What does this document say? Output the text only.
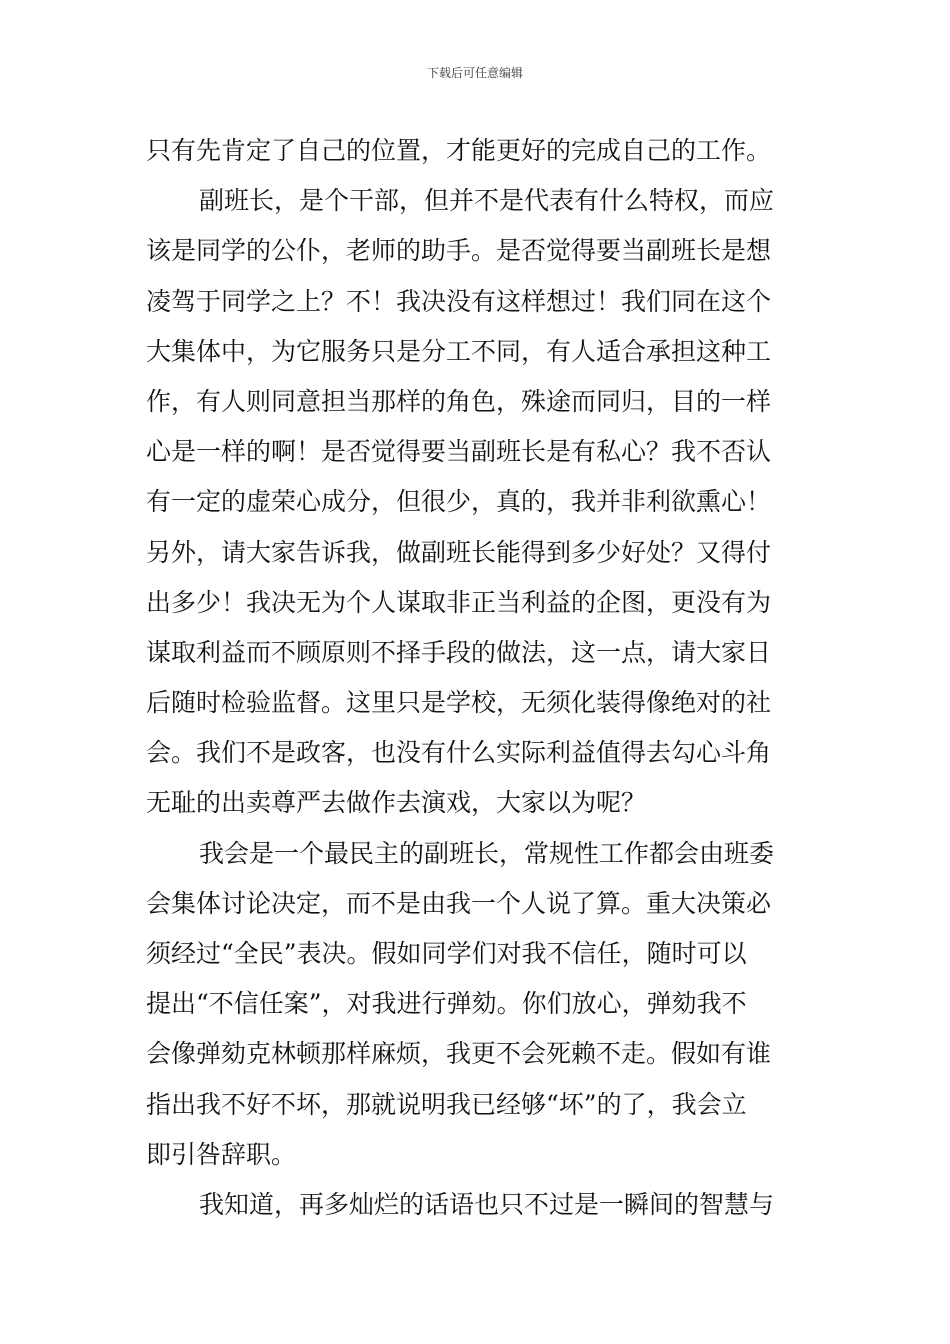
下载后可任意编辑
只有先肯定了自己的位置，才能更好的完成自己的工作。
副班长，是个干部，但并不是代表有什么特权，而应
该是同学的公仆，老师的助手。是否觉得要当副班长是想
凌驾于同学之上？不！我决没有这样想过！我们同在这个
大集体中，为它服务只是分工不同，有人适合承担这种工
作，有人则同意担当那样的角色，殊途而同归，目的一样
心是一样的啊！是否觉得要当副班长是有私心？我不否认
有一定的虚荣心成分，但很少，真的，我并非利欲熏心！
另外，请大家告诉我，做副班长能得到多少好处？又得付
出多少！我决无为个人谋取非正当利益的企图，更没有为
谋取利益而不顾原则不择手段的做法，这一点，请大家日
后随时检验监督。这里只是学校，无须化装得像绝对的社
会。我们不是政客，也没有什么实际利益值得去勾心斗角
无耻的出卖尊严去做作去演戏，大家以为呢？
我会是一个最民主的副班长，常规性工作都会由班委
会集体讨论决定，而不是由我一个人说了算。重大决策必
须经过“全民”表决。假如同学们对我不信任，随时可以
提出“不信任案”，对我进行弹劾。你们放心，弹劾我不
会像弹劾克林顿那样麻烦，我更不会死赖不走。假如有谁
指出我不好不坏，那就说明我已经够“坏”的了，我会立
即引咎辞职。
我知道，再多灿烂的话语也只不过是一瞬间的智慧与
